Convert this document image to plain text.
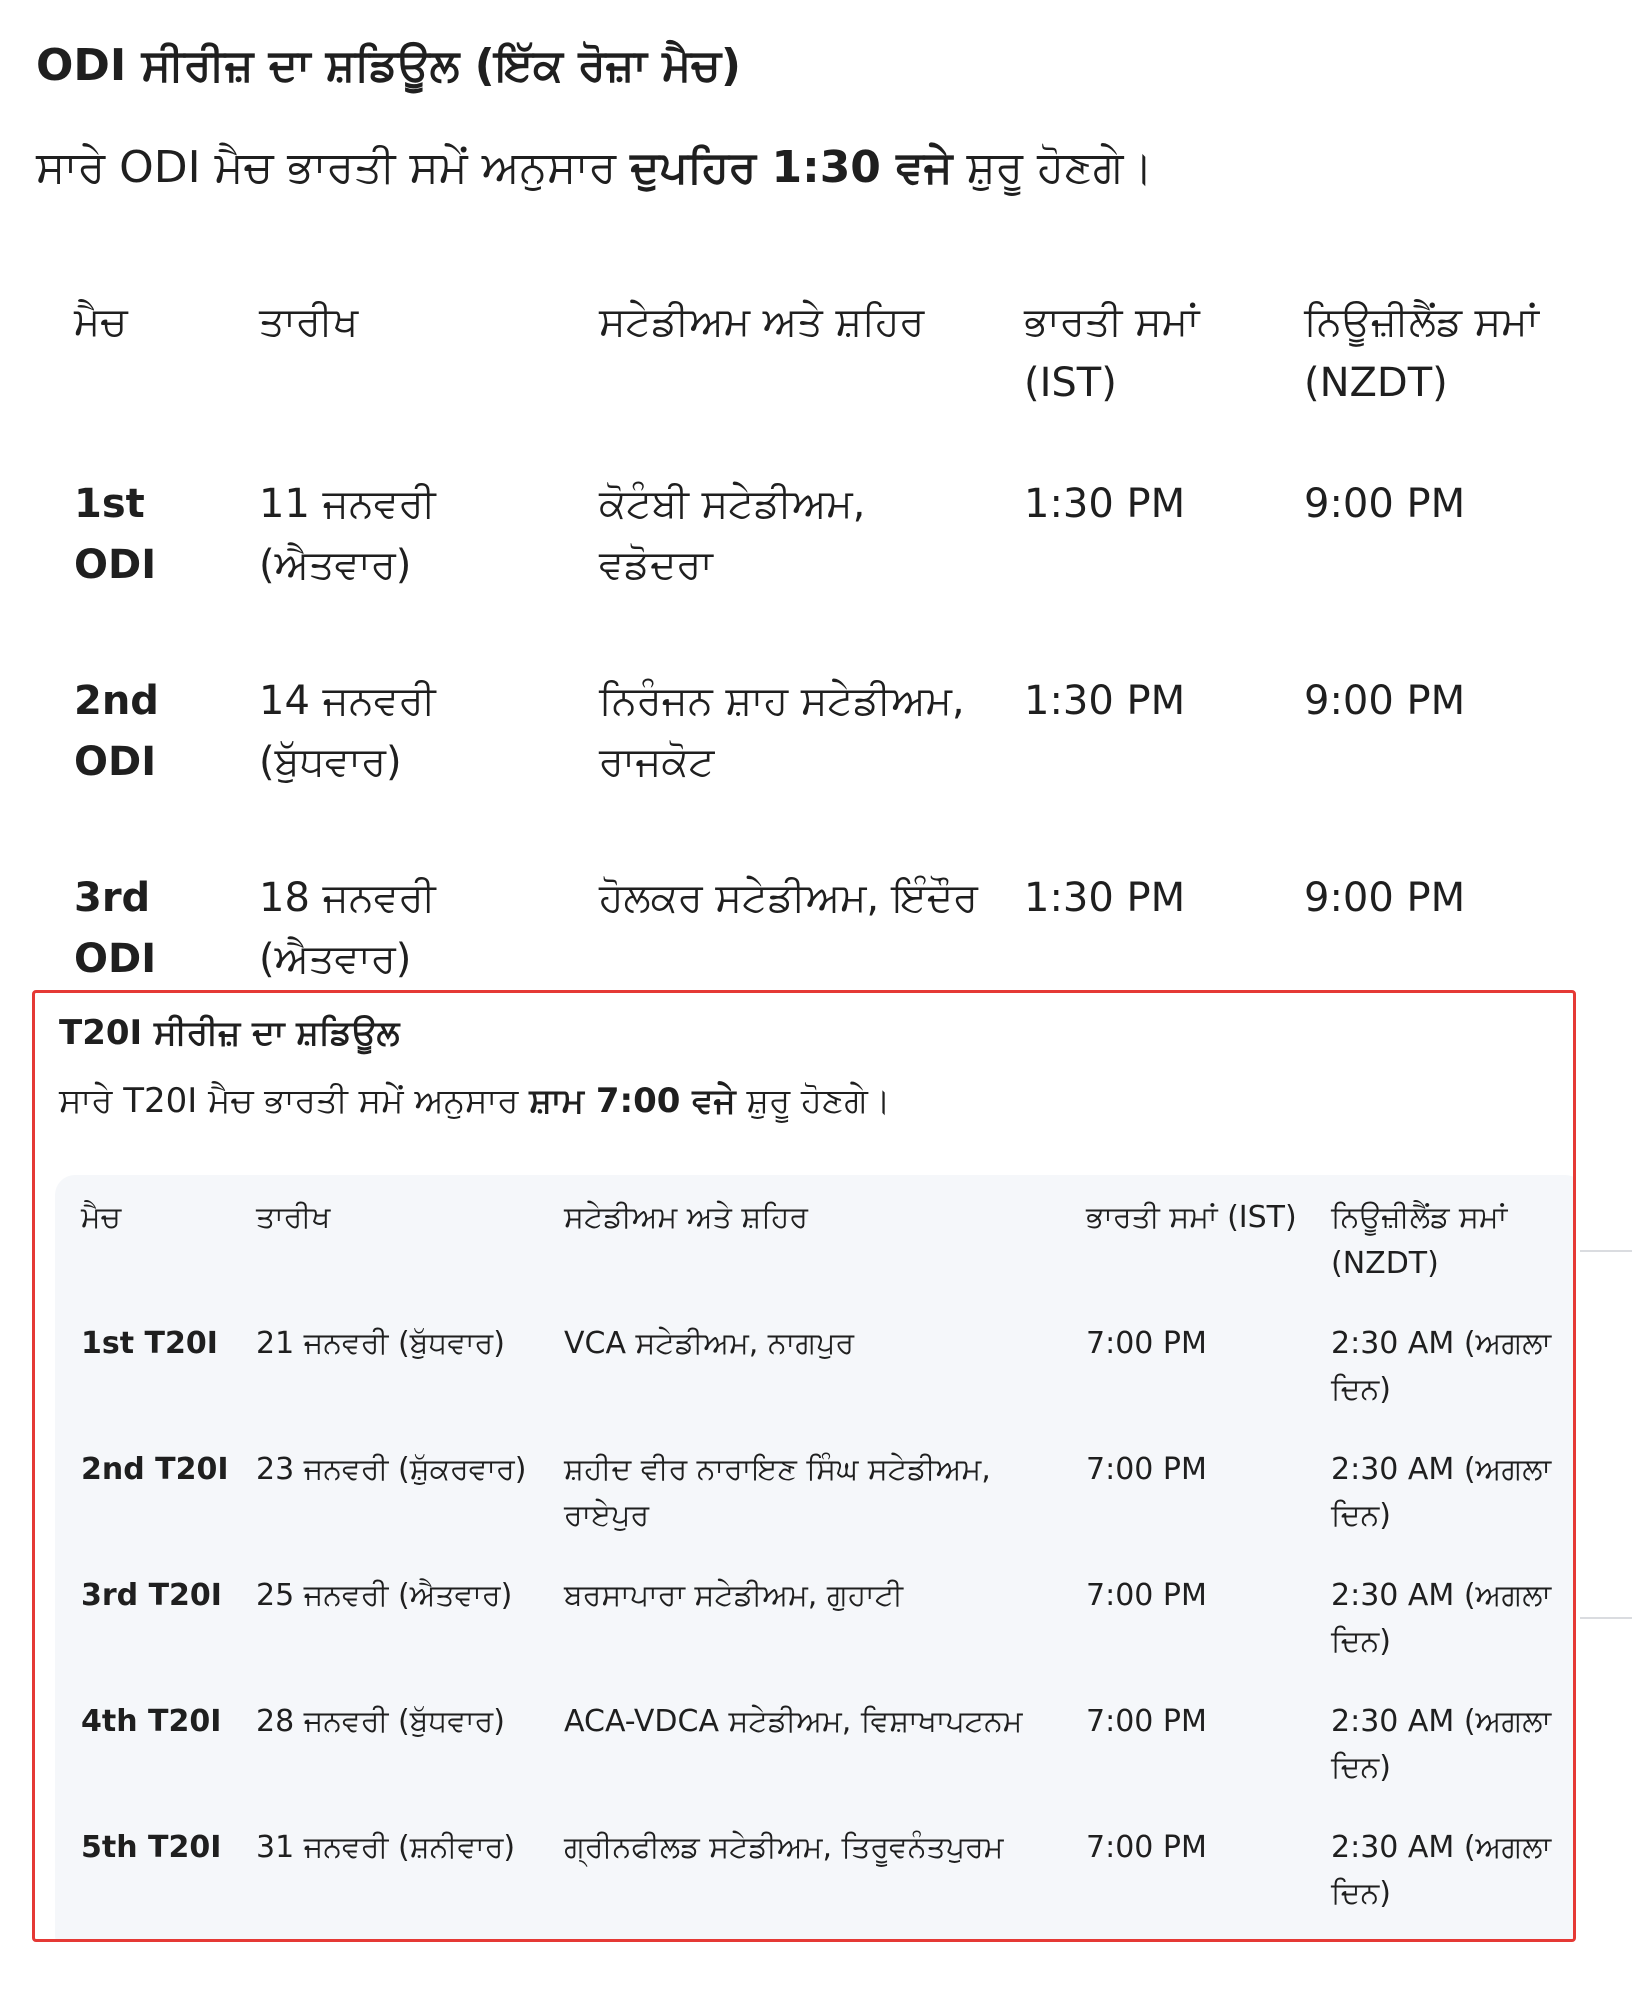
ODI ਸੀਰੀਜ਼ ਦਾ ਸ਼ਡਿਊਲ (ਇੱਕ ਰੋਜ਼ਾ ਮੈਚ)

ਸਾਰੇ ODI ਮੈਚ ਭਾਰਤੀ ਸਮੇਂ ਅਨੁਸਾਰ ਦੁਪਹਿਰ 1:30 ਵਜੇ ਸ਼ੁਰੂ ਹੋਣਗੇ।

ਮੈਚ	ਤਾਰੀਖ	ਸਟੇਡੀਅਮ ਅਤੇ ਸ਼ਹਿਰ	ਭਾਰਤੀ ਸਮਾਂ (IST)	ਨਿਊਜ਼ੀਲੈਂਡ ਸਮਾਂ (NZDT)
1st ODI	11 ਜਨਵਰੀ (ਐਤਵਾਰ)	ਕੋਟੰਬੀ ਸਟੇਡੀਅਮ, ਵਡੋਦਰਾ	1:30 PM	9:00 PM
2nd ODI	14 ਜਨਵਰੀ (ਬੁੱਧਵਾਰ)	ਨਿਰੰਜਨ ਸ਼ਾਹ ਸਟੇਡੀਅਮ, ਰਾਜਕੋਟ	1:30 PM	9:00 PM
3rd ODI	18 ਜਨਵਰੀ (ਐਤਵਾਰ)	ਹੋਲਕਰ ਸਟੇਡੀਅਮ, ਇੰਦੌਰ	1:30 PM	9:00 PM
T20I ਸੀਰੀਜ਼ ਦਾ ਸ਼ਡਿਊਲ

ਸਾਰੇ T20I ਮੈਚ ਭਾਰਤੀ ਸਮੇਂ ਅਨੁਸਾਰ ਸ਼ਾਮ 7:00 ਵਜੇ ਸ਼ੁਰੂ ਹੋਣਗੇ।

ਮੈਚ	ਤਾਰੀਖ	ਸਟੇਡੀਅਮ ਅਤੇ ਸ਼ਹਿਰ	ਭਾਰਤੀ ਸਮਾਂ (IST)	ਨਿਊਜ਼ੀਲੈਂਡ ਸਮਾਂ (NZDT)
1st T20I	21 ਜਨਵਰੀ (ਬੁੱਧਵਾਰ)	VCA ਸਟੇਡੀਅਮ, ਨਾਗਪੁਰ	7:00 PM	2:30 AM (ਅਗਲਾ ਦਿਨ)
2nd T20I	23 ਜਨਵਰੀ (ਸ਼ੁੱਕਰਵਾਰ)	ਸ਼ਹੀਦ ਵੀਰ ਨਾਰਾਇਣ ਸਿੰਘ ਸਟੇਡੀਅਮ, ਰਾਏਪੁਰ	7:00 PM	2:30 AM (ਅਗਲਾ ਦਿਨ)
3rd T20I	25 ਜਨਵਰੀ (ਐਤਵਾਰ)	ਬਰਸਾਪਾਰਾ ਸਟੇਡੀਅਮ, ਗੁਹਾਟੀ	7:00 PM	2:30 AM (ਅਗਲਾ ਦਿਨ)
4th T20I	28 ਜਨਵਰੀ (ਬੁੱਧਵਾਰ)	ACA-VDCA ਸਟੇਡੀਅਮ, ਵਿਸ਼ਾਖਾਪਟਨਮ	7:00 PM	2:30 AM (ਅਗਲਾ ਦਿਨ)
5th T20I	31 ਜਨਵਰੀ (ਸ਼ਨੀਵਾਰ)	ਗ੍ਰੀਨਫੀਲਡ ਸਟੇਡੀਅਮ, ਤਿਰੂਵਨੰਤਪੁਰਮ	7:00 PM	2:30 AM (ਅਗਲਾ ਦਿਨ)
